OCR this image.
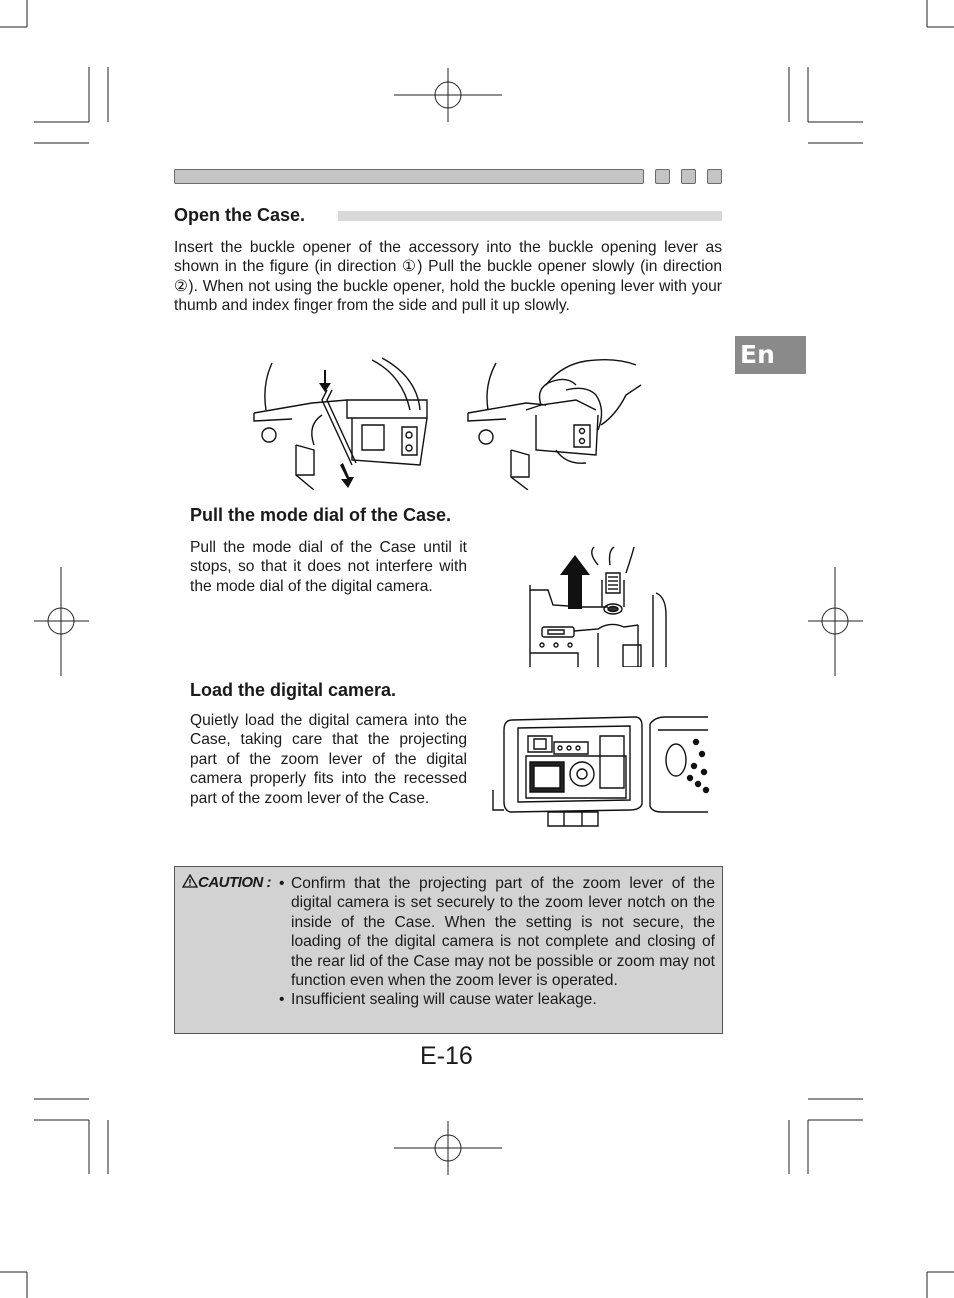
En
Open the Case.
Insert the buckle opener of the accessory into the buckle opening lever as shown in the figure (in direction ①) Pull the buckle opener slowly (in direction ②). When not using the buckle opener, hold the buckle opening lever with your thumb and index finger from the side and pull it up slowly.
Pull the mode dial of the Case.
Pull the mode dial of the Case until it stops, so that it does not interfere with the mode dial of the digital camera.
Load the digital camera.
Quietly load the digital camera into the Case, taking care that the projecting part of the zoom lever of the digital camera properly fits into the recessed part of the zoom lever of the Case.
CAUTION :
•	Confirm that the projecting part of the zoom lever of the digital camera is set securely to the zoom lever notch on the inside of the Case. When the setting is not secure, the loading of the digital camera is not complete and closing of the rear lid of the Case may not be possible or zoom may not function even when the zoom lever is operated.
• Insufficient sealing will cause water leakage.
E-16
